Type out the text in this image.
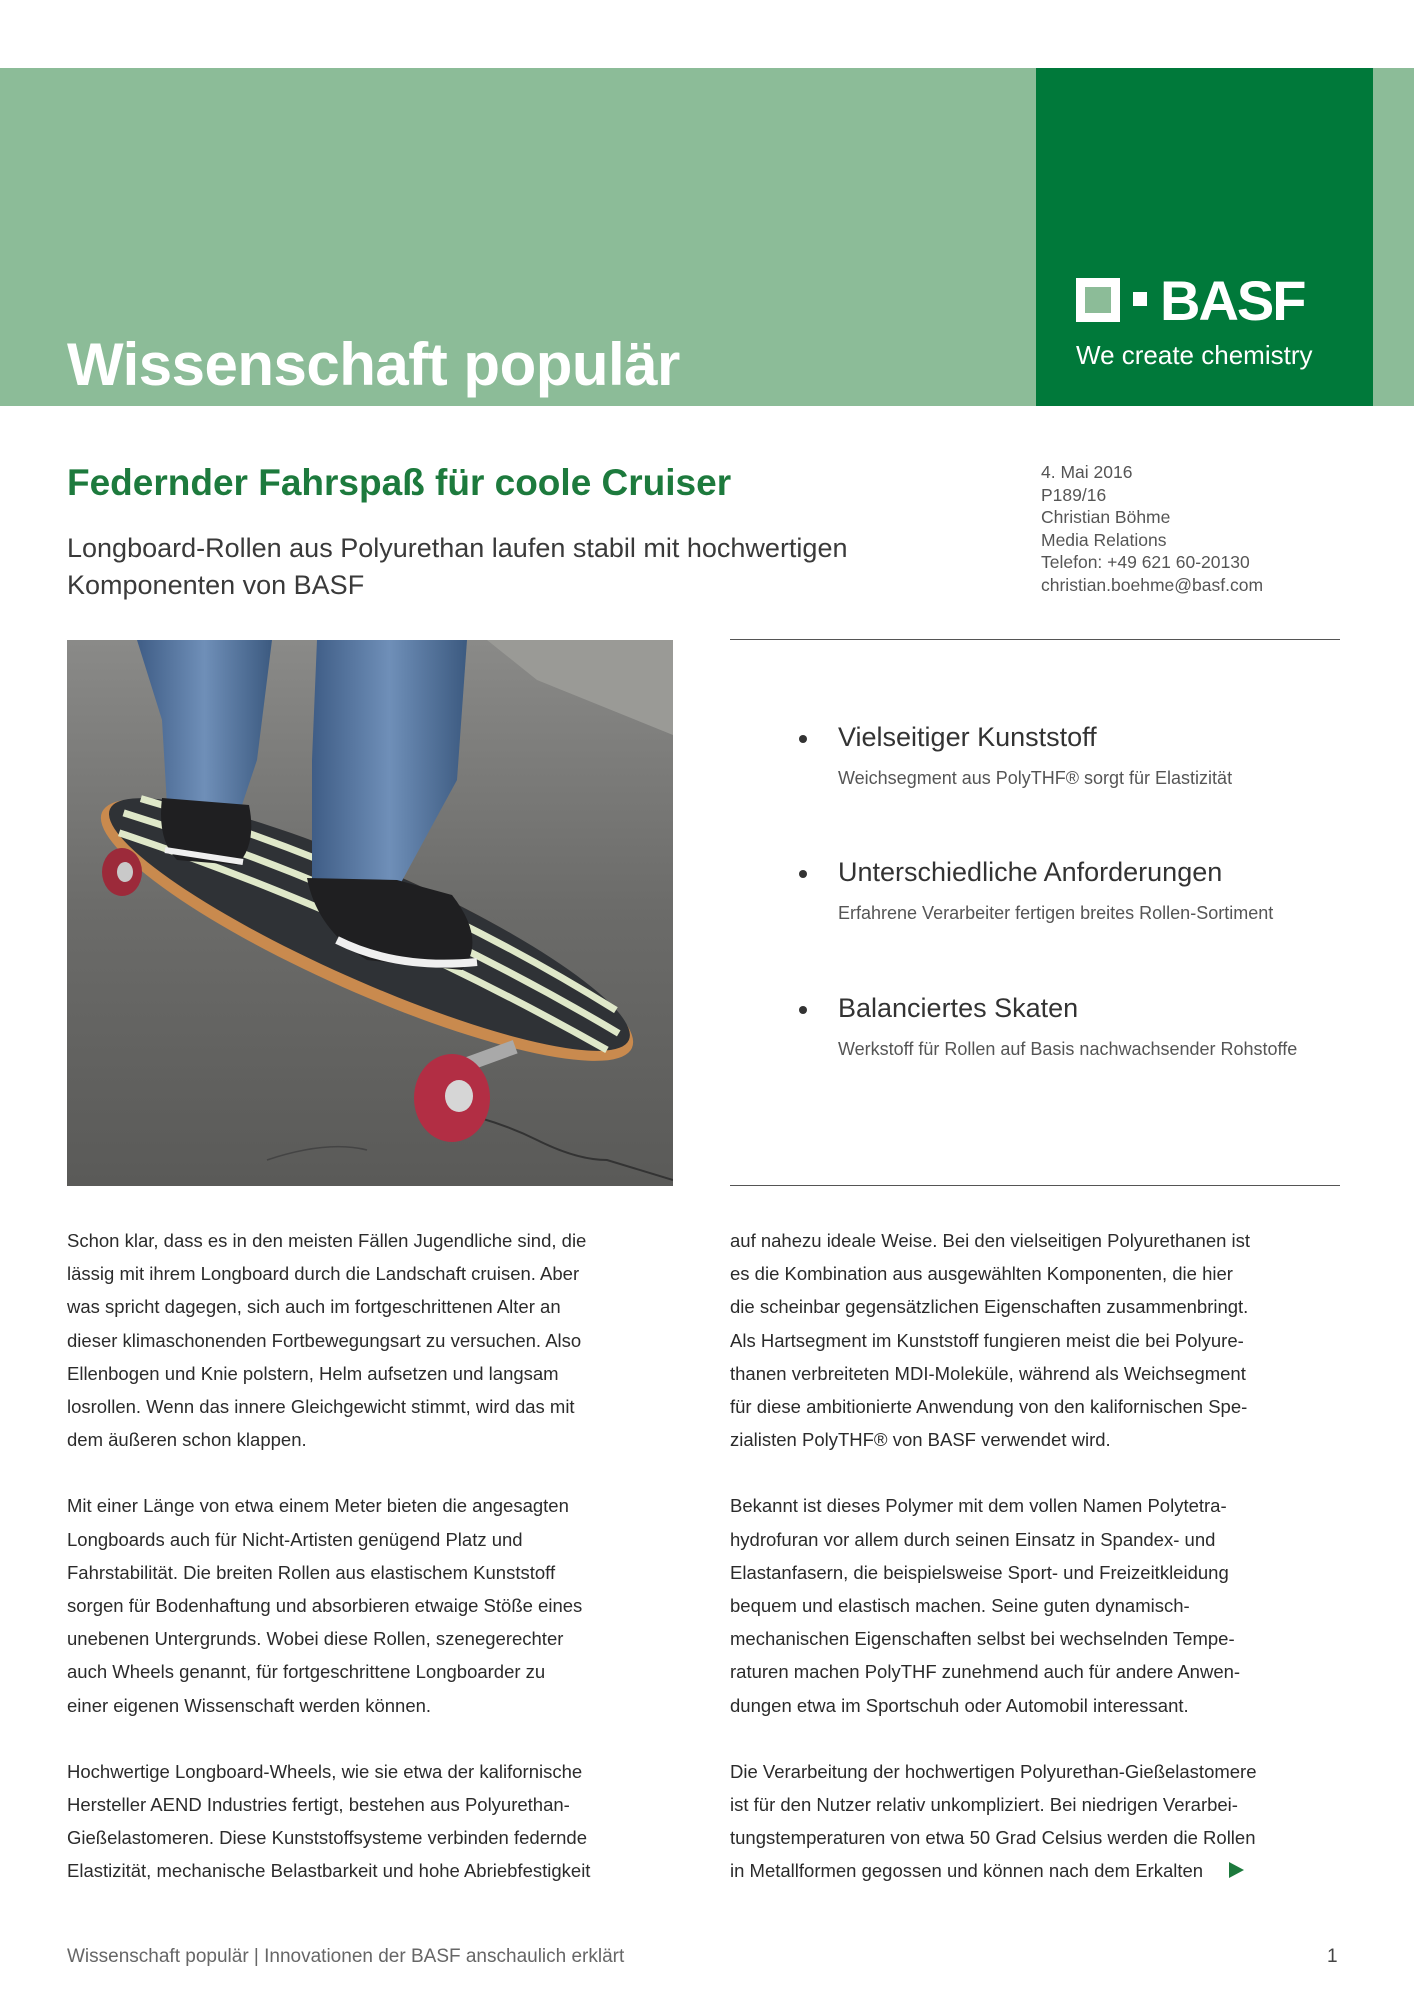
Wissenschaft populär
Innovationen der BASF anschaulich erklärt
BASF
We create chemistry
Federnder Fahrspaß für coole Cruiser

Longboard-Rollen aus Polyurethan laufen stabil mit hochwertigen Komponenten von BASF

4. Mai 2016
P189/16
Christian Böhme
Media Relations
Telefon: +49 621 60-20130
christian.boehme@basf.com
Vielseitiger Kunststoff
Weichsegment aus PolyTHF® sorgt für Elastizität
Unterschiedliche Anforderungen
Erfahrene Verarbeiter fertigen breites Rollen-Sortiment
Balanciertes Skaten
Werkstoff für Rollen auf Basis nachwachsender Rohstoffe

Schon klar, dass es in den meisten Fällen Jugendliche sind, die
lässig mit ihrem Longboard durch die Landschaft cruisen. Aber
was spricht dagegen, sich auch im fortgeschrittenen Alter an
dieser klimaschonenden Fortbewegungsart zu versuchen. Also
Ellenbogen und Knie polstern, Helm aufsetzen und langsam
losrollen. Wenn das innere Gleichgewicht stimmt, wird das mit
dem äußeren schon klappen.

Mit einer Länge von etwa einem Meter bieten die angesagten
Longboards auch für Nicht-Artisten genügend Platz und
Fahrstabilität. Die breiten Rollen aus elastischem Kunststoff
sorgen für Bodenhaftung und absorbieren etwaige Stöße eines
unebenen Untergrunds. Wobei diese Rollen, szenegerechter
auch Wheels genannt, für fortgeschrittene Longboarder zu
einer eigenen Wissenschaft werden können.

Hochwertige Longboard-Wheels, wie sie etwa der kalifornische
Hersteller AEND Industries fertigt, bestehen aus Polyurethan-
Gießelastomeren. Diese Kunststoffsysteme verbinden federnde
Elastizität, mechanische Belastbarkeit und hohe Abriebfestigkeit

auf nahezu ideale Weise. Bei den vielseitigen Polyurethanen ist
es die Kombination aus ausgewählten Komponenten, die hier
die scheinbar gegensätzlichen Eigenschaften zusammenbringt.
Als Hartsegment im Kunststoff fungieren meist die bei Polyure-
thanen verbreiteten MDI-Moleküle, während als Weichsegment
für diese ambitionierte Anwendung von den kalifornischen Spe-
zialisten PolyTHF® von BASF verwendet wird.

Bekannt ist dieses Polymer mit dem vollen Namen Polytetra-
hydrofuran vor allem durch seinen Einsatz in Spandex- und
Elastanfasern, die beispielsweise Sport- und Freizeitkleidung
bequem und elastisch machen. Seine guten dynamisch-
mechanischen Eigenschaften selbst bei wechselnden Tempe-
raturen machen PolyTHF zunehmend auch für andere Anwen-
dungen etwa im Sportschuh oder Automobil interessant.

Die Verarbeitung der hochwertigen Polyurethan-Gießelastomere
ist für den Nutzer relativ unkompliziert. Bei niedrigen Verarbei-
tungstemperaturen von etwa 50 Grad Celsius werden die Rollen
in Metallformen gegossen und können nach dem Erkalten

Wissenschaft populär | Innovationen der BASF anschaulich erklärt	1
